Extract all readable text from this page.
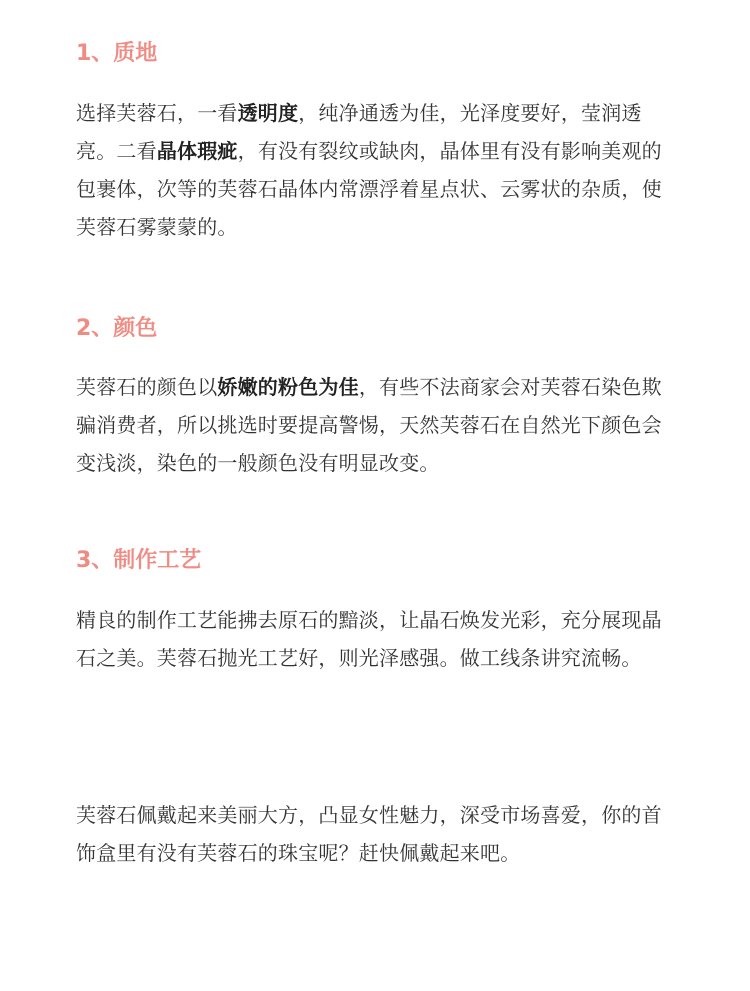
1、质地
选择芙蓉石，一看透明度，纯净通透为佳，光泽度要好，莹润透亮。二看晶体瑕疵，有没有裂纹或缺肉，晶体里有没有影响美观的包裹体，次等的芙蓉石晶体内常漂浮着星点状、云雾状的杂质，使芙蓉石雾蒙蒙的。
2、颜色
芙蓉石的颜色以娇嫩的粉色为佳，有些不法商家会对芙蓉石染色欺骗消费者，所以挑选时要提高警惕，天然芙蓉石在自然光下颜色会变浅淡，染色的一般颜色没有明显改变。
3、制作工艺
精良的制作工艺能拂去原石的黯淡，让晶石焕发光彩，充分展现晶石之美。芙蓉石抛光工艺好，则光泽感强。做工线条讲究流畅。
芙蓉石佩戴起来美丽大方，凸显女性魅力，深受市场喜爱，你的首饰盒里有没有芙蓉石的珠宝呢？赶快佩戴起来吧。
